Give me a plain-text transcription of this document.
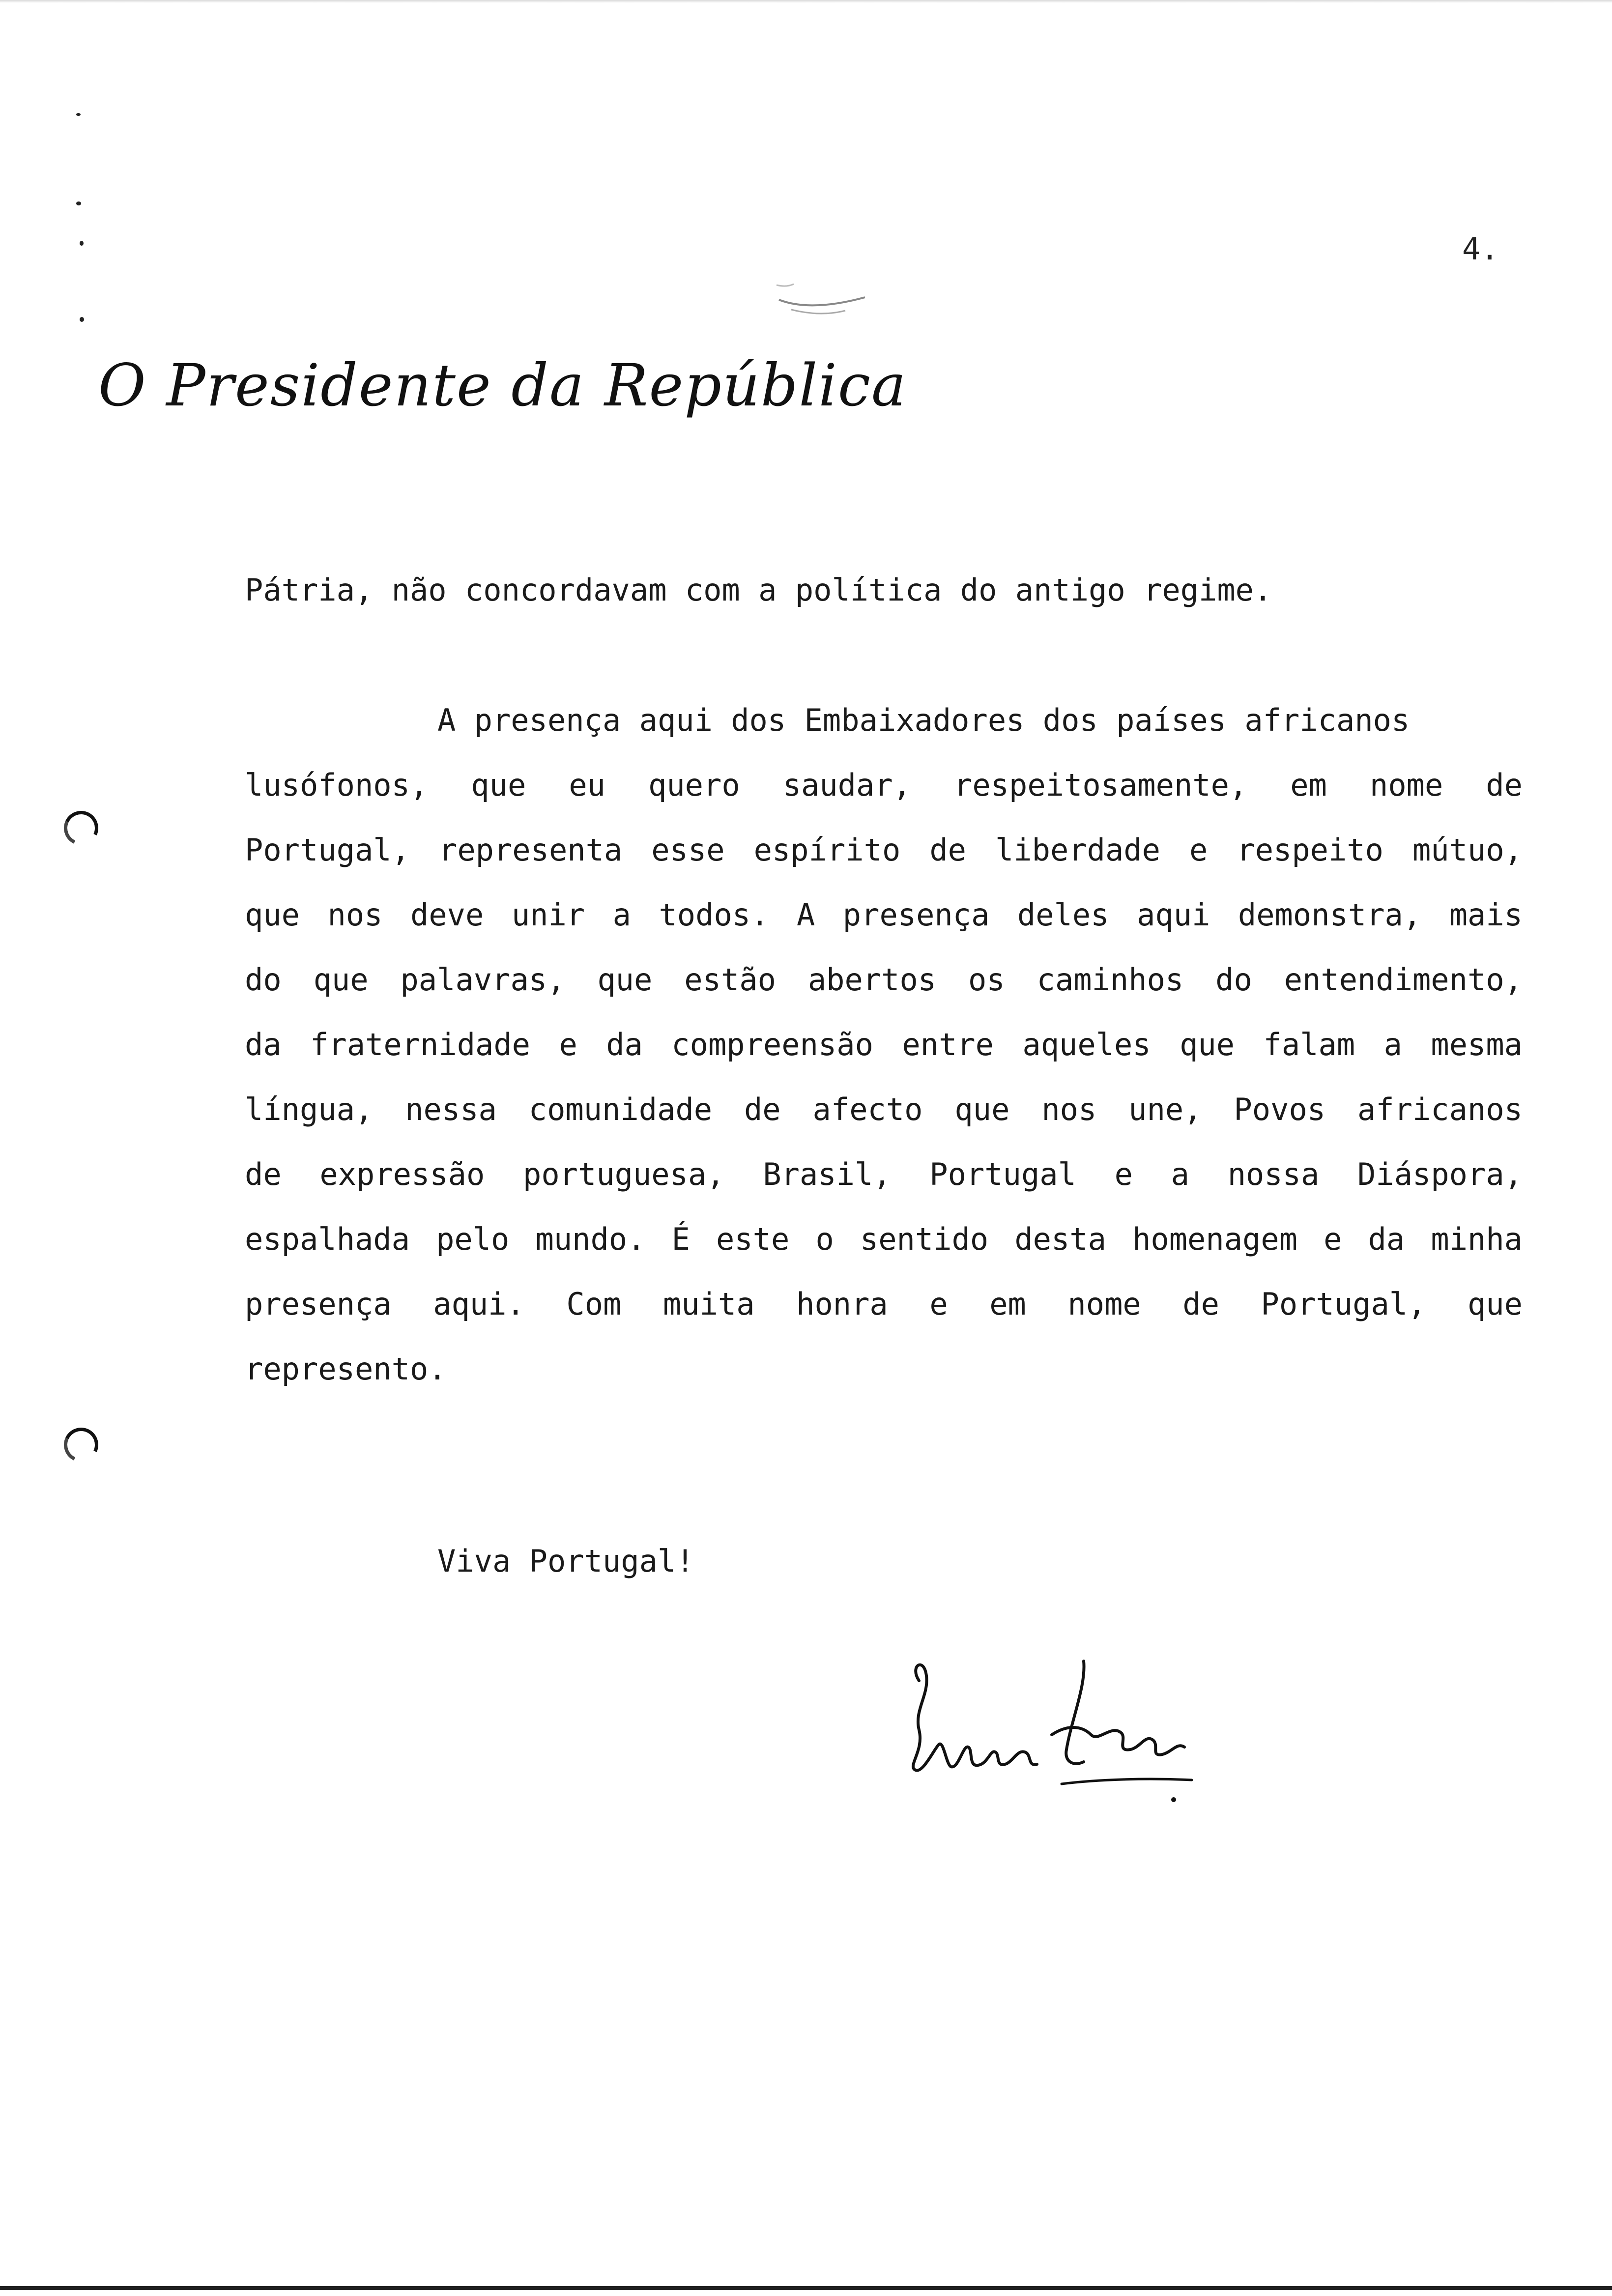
4.
O Presidente da República
Pátria, não concordavam com a política do antigo regime.
A presença aqui dos Embaixadores dos países africanos
lusófonos, que eu quero saudar, respeitosamente, em nome de
Portugal, representa esse espírito de liberdade e respeito mútuo,
que nos deve unir a todos. A presença deles aqui demonstra, mais
do que palavras, que estão abertos os caminhos do entendimento,
da fraternidade e da compreensão entre aqueles que falam a mesma
língua, nessa comunidade de afecto que nos une, Povos africanos
de expressão portuguesa, Brasil, Portugal e a nossa Diáspora,
espalhada pelo mundo. É este o sentido desta homenagem e da minha
presença aqui. Com muita honra e em nome de Portugal, que
represento.
Viva Portugal!
